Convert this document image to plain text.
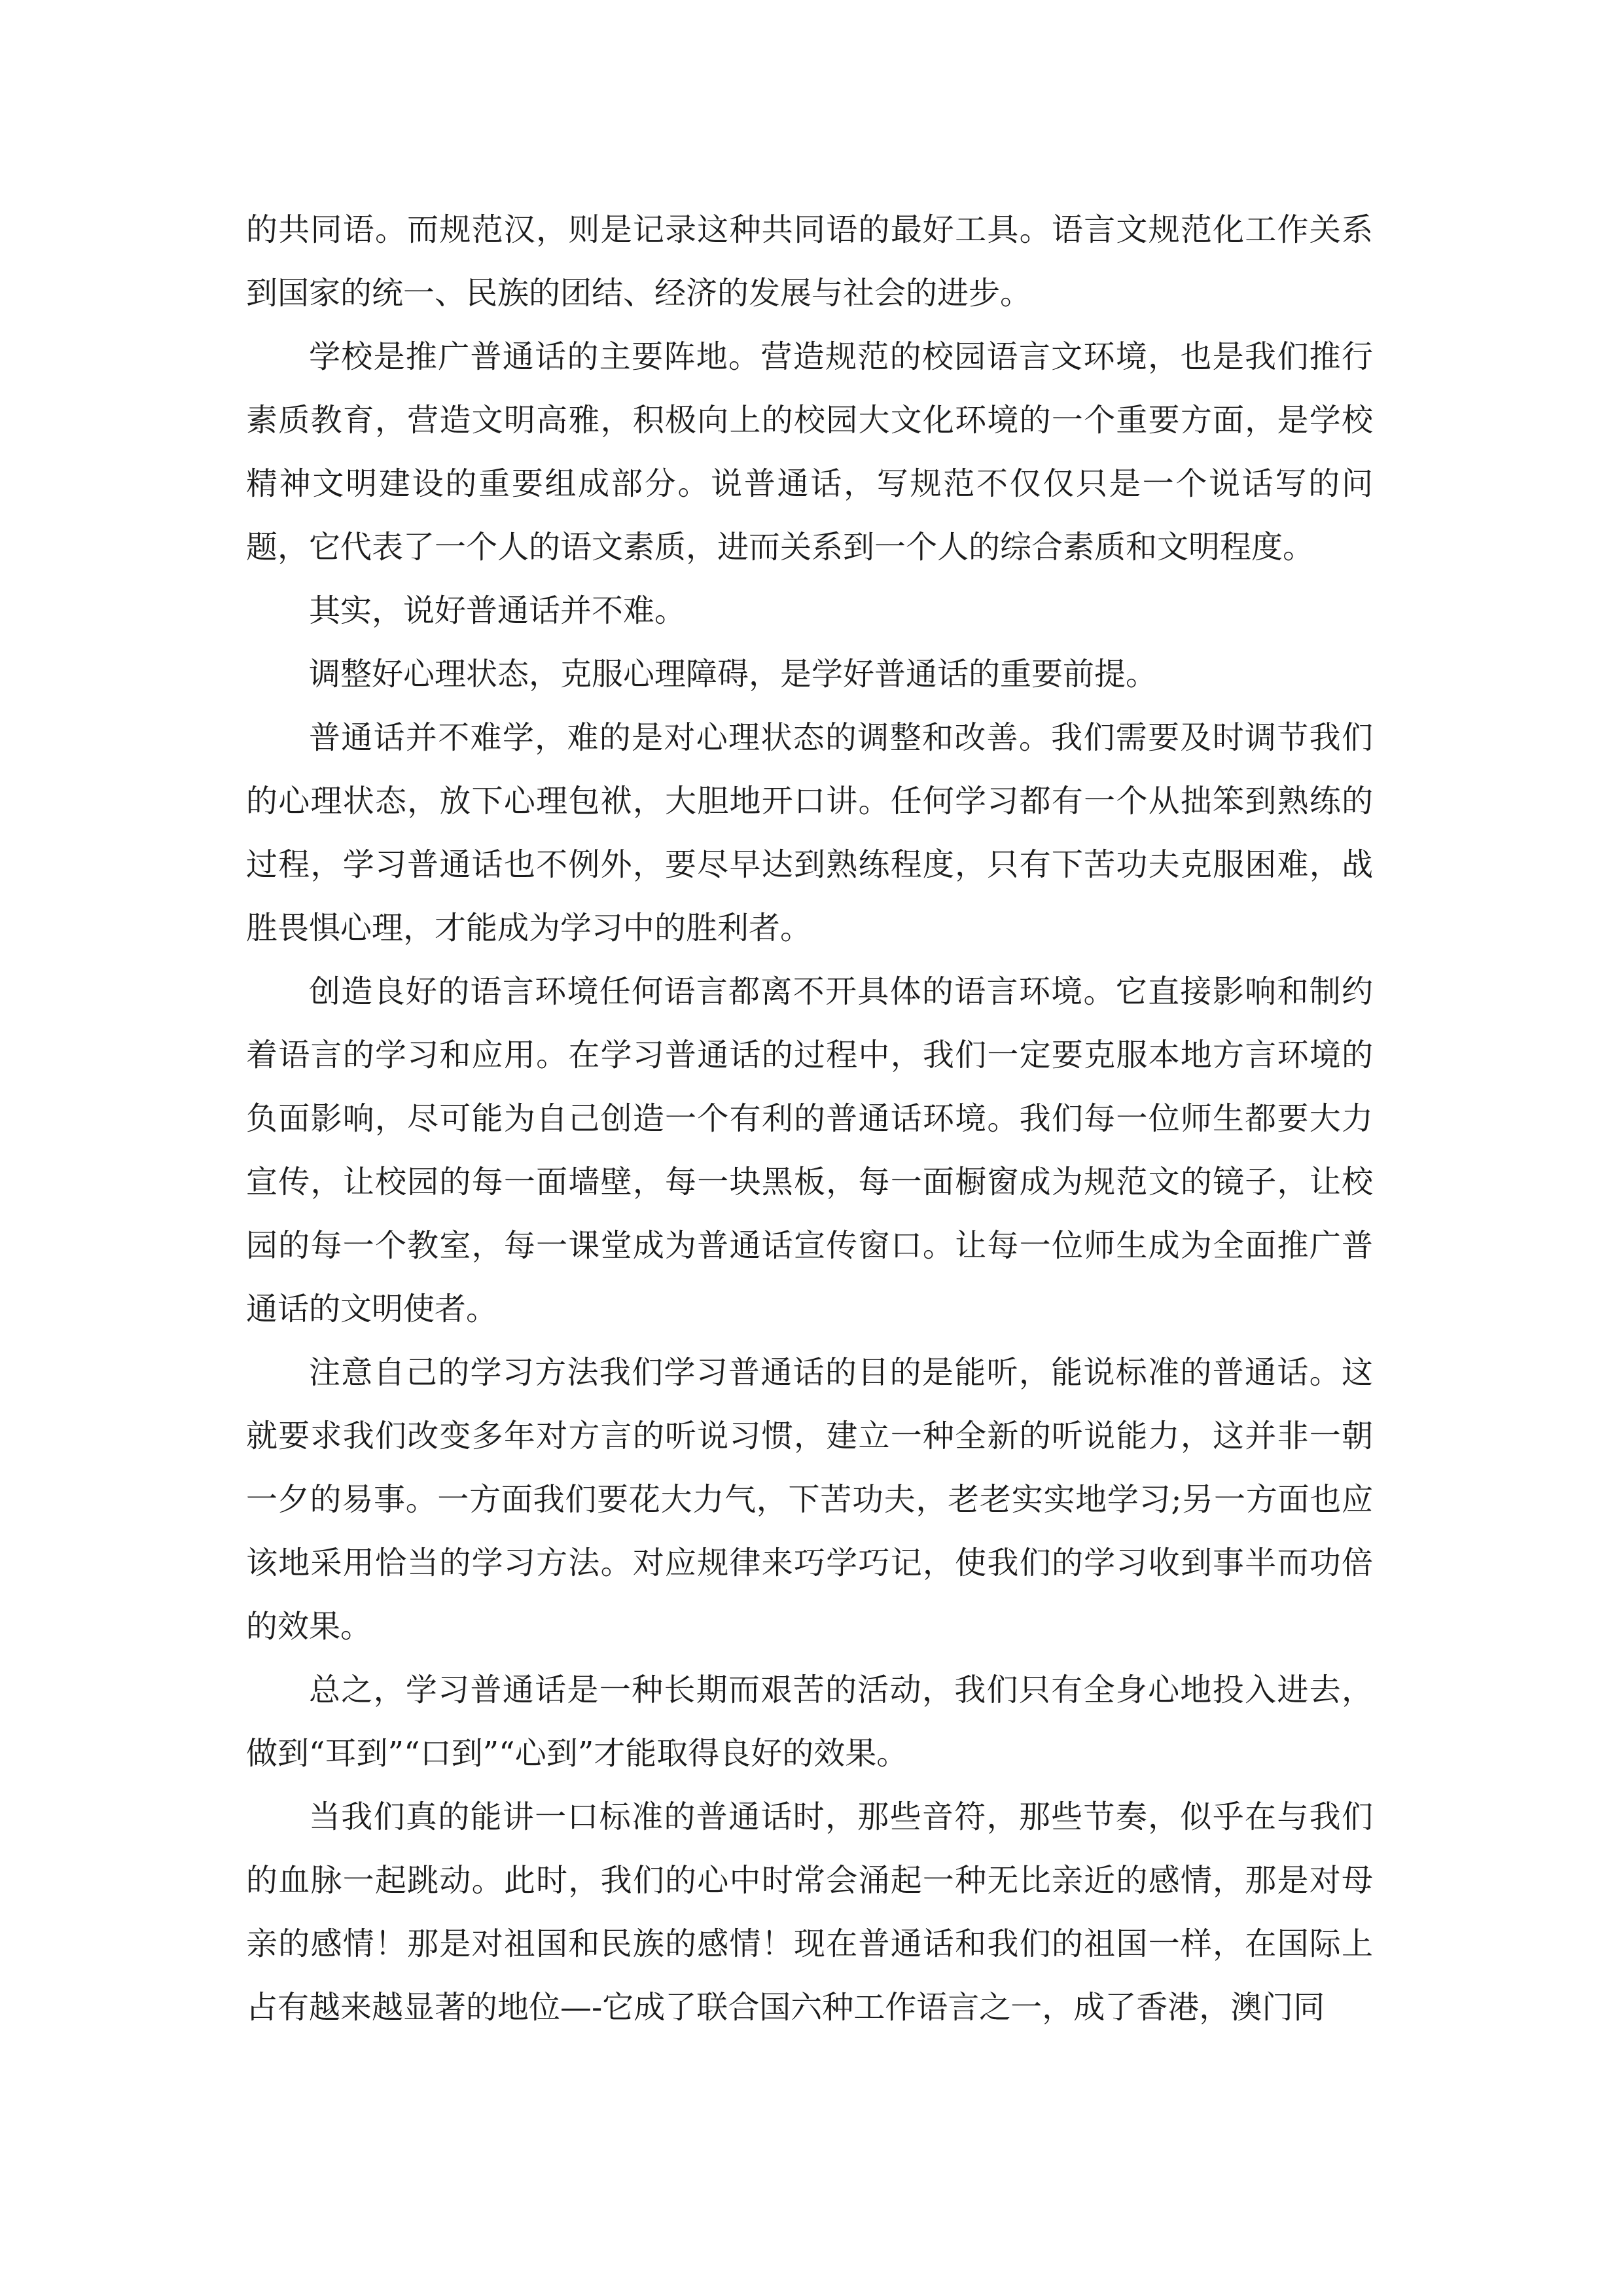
的共同语。而规范汉，则是记录这种共同语的最好工具。语言文规范化工作关系到国家的统一、民族的团结、经济的发展与社会的进步。

学校是推广普通话的主要阵地。营造规范的校园语言文环境，也是我们推行素质教育，营造文明高雅，积极向上的校园大文化环境的一个重要方面，是学校精神文明建设的重要组成部分。说普通话，写规范不仅仅只是一个说话写的问题，它代表了一个人的语文素质，进而关系到一个人的综合素质和文明程度。

其实，说好普通话并不难。

调整好心理状态，克服心理障碍，是学好普通话的重要前提。

普通话并不难学，难的是对心理状态的调整和改善。我们需要及时调节我们的心理状态，放下心理包袱，大胆地开口讲。任何学习都有一个从拙笨到熟练的过程，学习普通话也不例外，要尽早达到熟练程度，只有下苦功夫克服困难，战胜畏惧心理，才能成为学习中的胜利者。

创造良好的语言环境任何语言都离不开具体的语言环境。它直接影响和制约着语言的学习和应用。在学习普通话的过程中，我们一定要克服本地方言环境的负面影响，尽可能为自己创造一个有利的普通话环境。我们每一位师生都要大力宣传，让校园的每一面墙壁，每一块黑板，每一面橱窗成为规范文的镜子，让校园的每一个教室，每一课堂成为普通话宣传窗口。让每一位师生成为全面推广普通话的文明使者。

注意自己的学习方法我们学习普通话的目的是能听，能说标准的普通话。这就要求我们改变多年对方言的听说习惯，建立一种全新的听说能力，这并非一朝一夕的易事。一方面我们要花大力气，下苦功夫，老老实实地学习;另一方面也应该地采用恰当的学习方法。对应规律来巧学巧记，使我们的学习收到事半而功倍的效果。

总之，学习普通话是一种长期而艰苦的活动，我们只有全身心地投入进去，做到“耳到”“口到”“心到”才能取得良好的效果。

当我们真的能讲一口标准的普通话时，那些音符，那些节奏，似乎在与我们的血脉一起跳动。此时，我们的心中时常会涌起一种无比亲近的感情，那是对母亲的感情！那是对祖国和民族的感情！现在普通话和我们的祖国一样，在国际上占有越来越显著的地位—-它成了联合国六种工作语言之一，成了香港，澳门同
